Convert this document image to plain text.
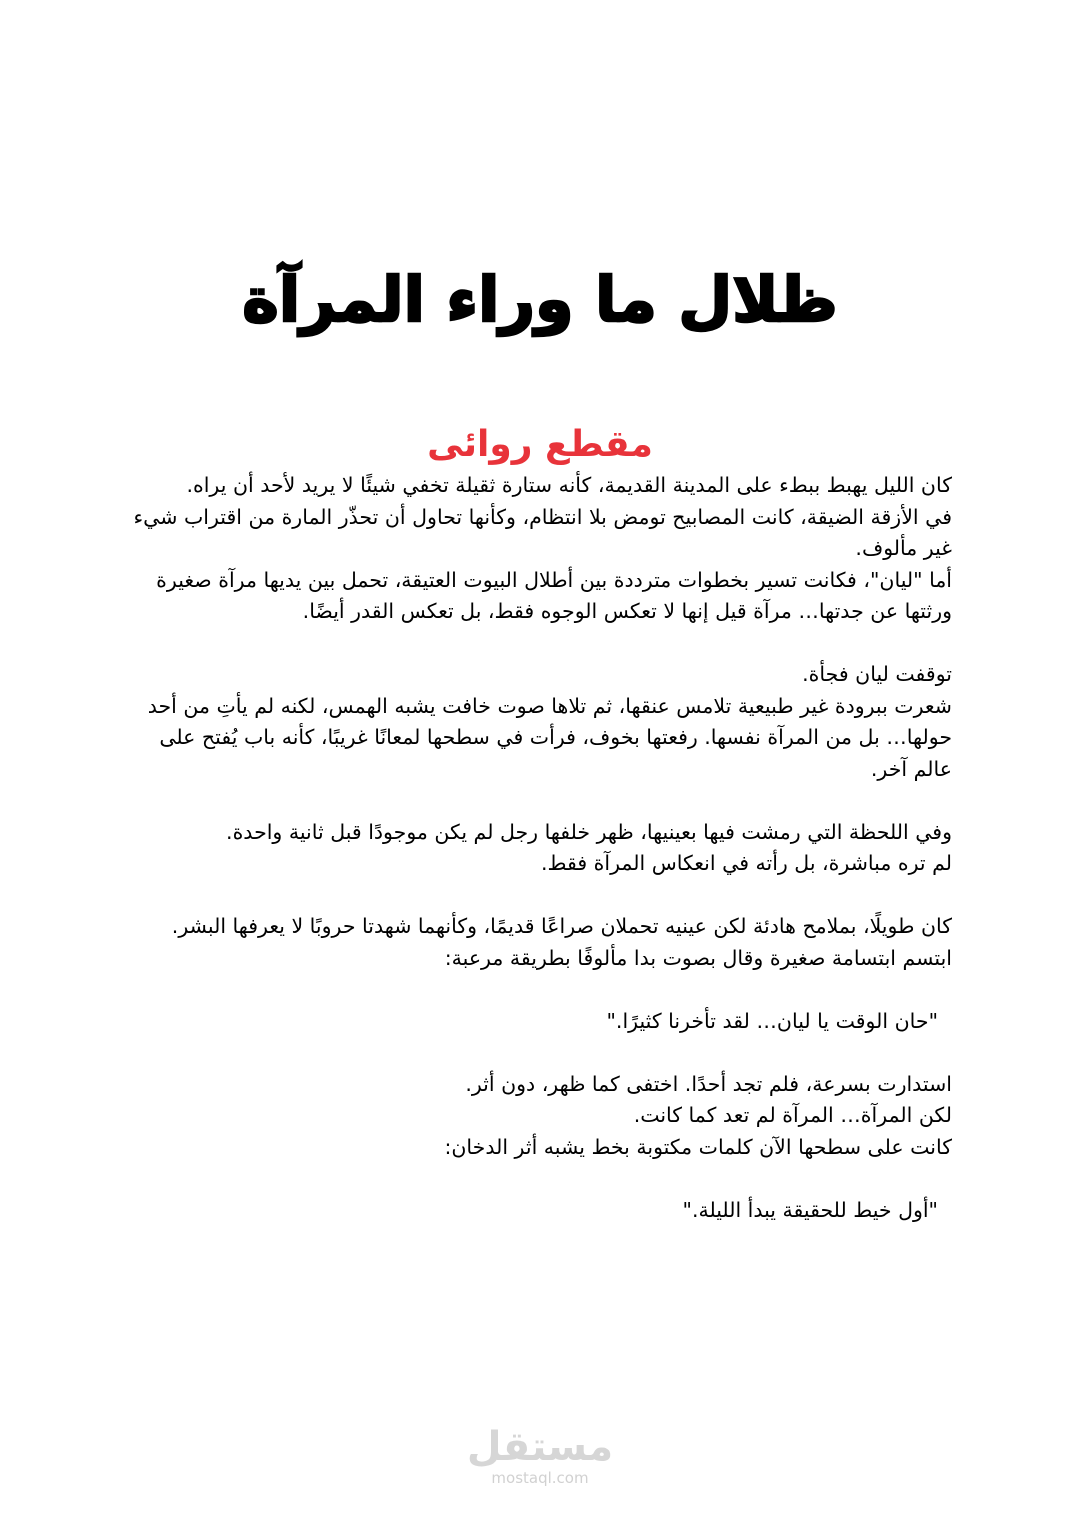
ظلال ما وراء المرآة
مقطع روائى

كان الليل يهبط ببطء على المدينة القديمة، كأنه ستارة ثقيلة تخفي شيئًا لا يريد لأحد أن يراه.

في الأزقة الضيقة، كانت المصابيح تومض بلا انتظام، وكأنها تحاول أن تحذّر المارة من اقتراب شيء غير مألوف.

أما "ليان"، فكانت تسير بخطوات مترددة بين أطلال البيوت العتيقة، تحمل بين يديها مرآة صغيرة ورثتها عن جدتها… مرآة قيل إنها لا تعكس الوجوه فقط، بل تعكس القدر أيضًا.

توقفت ليان فجأة.

شعرت ببرودة غير طبيعية تلامس عنقها، ثم تلاها صوت خافت يشبه الهمس، لكنه لم يأتِ من أحد حولها… بل من المرآة نفسها. رفعتها بخوف، فرأت في سطحها لمعانًا غريبًا، كأنه باب يُفتح على عالم آخر.

وفي اللحظة التي رمشت فيها بعينيها، ظهر خلفها رجل لم يكن موجودًا قبل ثانية واحدة.

لم تره مباشرة، بل رأته في انعكاس المرآة فقط.

كان طويلًا، بملامح هادئة لكن عينيه تحملان صراعًا قديمًا، وكأنهما شهدتا حروبًا لا يعرفها البشر.

ابتسم ابتسامة صغيرة وقال بصوت بدا مألوفًا بطريقة مرعبة:

"حان الوقت يا ليان… لقد تأخرنا كثيرًا."

استدارت بسرعة، فلم تجد أحدًا. اختفى كما ظهر، دون أثر.

لكن المرآة… المرآة لم تعد كما كانت.

كانت على سطحها الآن كلمات مكتوبة بخط يشبه أثر الدخان:

"أول خيط للحقيقة يبدأ الليلة."

مستقل
mostaql.com
